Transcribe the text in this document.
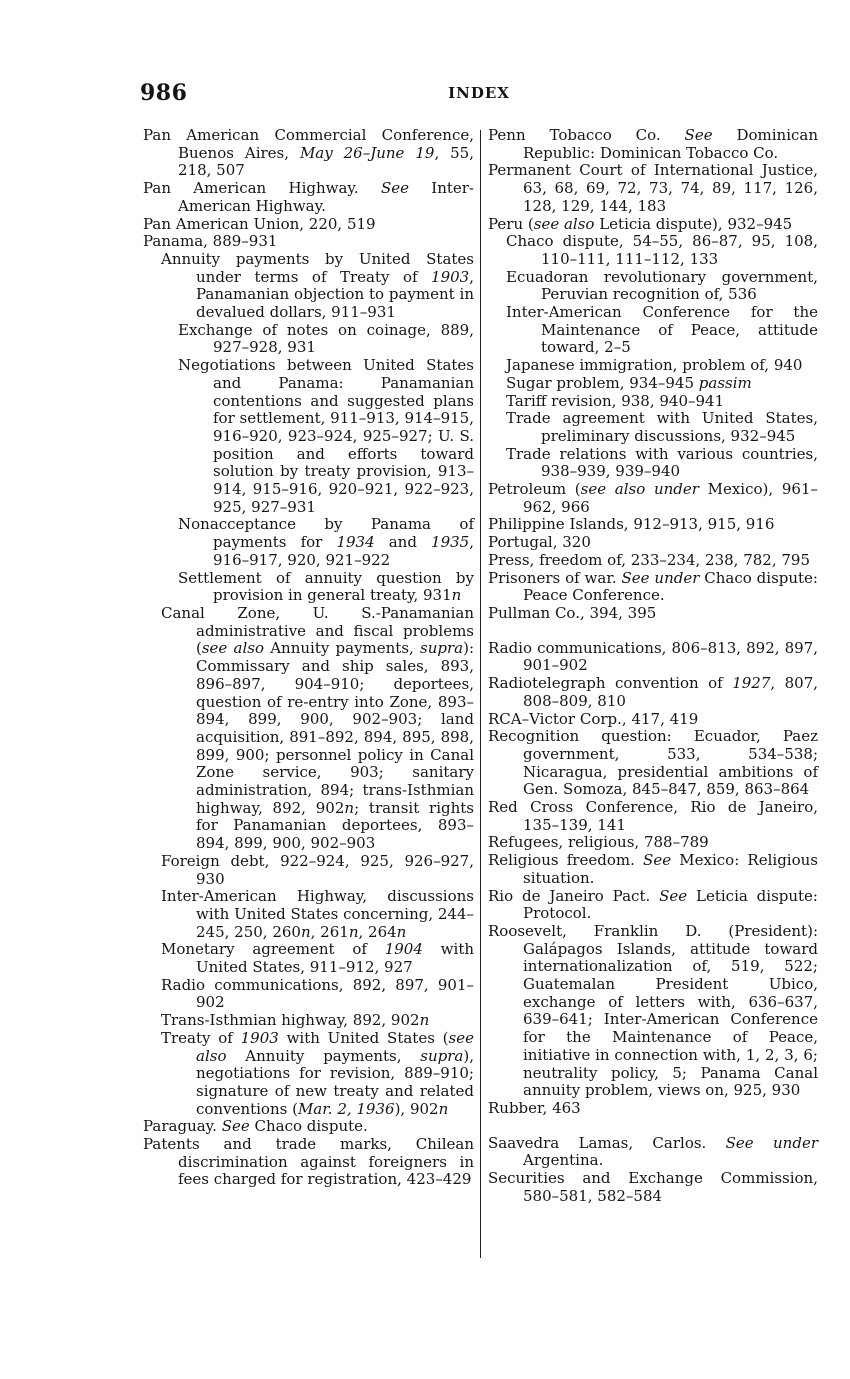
986	INDEX
Pan American Commercial Conference, Buenos Aires, May 26–June 19, 55, 218, 507
Pan American Highway. See Inter-American Highway.
Pan American Union, 220, 519
Panama, 889–931
Annuity payments by United States under terms of Treaty of 1903, Panamanian objection to payment in devalued dollars, 911–931
Exchange of notes on coinage, 889, 927–928, 931
Negotiations between United States and Panama: Panamanian contentions and suggested plans for settlement, 911–913, 914–915, 916–920, 923–924, 925–927; U. S. position and efforts toward solution by treaty provision, 913–914, 915–916, 920–921, 922–923, 925, 927–931
Nonacceptance by Panama of payments for 1934 and 1935, 916–917, 920, 921–922
Settlement of annuity question by provision in general treaty, 931n
Canal Zone, U. S.-Panamanian administrative and fiscal problems (see also Annuity payments, supra): Commissary and ship sales, 893, 896–897, 904–910; deportees, question of re-entry into Zone, 893–894, 899, 900, 902–903; land acquisition, 891–892, 894, 895, 898, 899, 900; personnel policy in Canal Zone service, 903; sanitary administration, 894; trans-Isthmian highway, 892, 902n; transit rights for Panamanian deportees, 893–894, 899, 900, 902–903
Foreign debt, 922–924, 925, 926–927, 930
Inter-American Highway, discussions with United States concerning, 244–245, 250, 260n, 261n, 264n
Monetary agreement of 1904 with United States, 911–912, 927
Radio communications, 892, 897, 901–902
Trans-Isthmian highway, 892, 902n
Treaty of 1903 with United States (see also Annuity payments, supra), negotiations for revision, 889–910; signature of new treaty and related conventions (Mar. 2, 1936), 902n
Paraguay. See Chaco dispute.
Patents and trade marks, Chilean discrimination against foreigners in fees charged for registration, 423–429
Penn Tobacco Co. See Dominican Republic: Dominican Tobacco Co.
Permanent Court of International Justice, 63, 68, 69, 72, 73, 74, 89, 117, 126, 128, 129, 144, 183
Peru (see also Leticia dispute), 932–945
Chaco dispute, 54–55, 86–87, 95, 108, 110–111, 111–112, 133
Ecuadoran revolutionary government, Peruvian recognition of, 536
Inter-American Conference for the Maintenance of Peace, attitude toward, 2–5
Japanese immigration, problem of, 940
Sugar problem, 934–945 passim
Tariff revision, 938, 940–941
Trade agreement with United States, preliminary discussions, 932–945
Trade relations with various countries, 938–939, 939–940
Petroleum (see also under Mexico), 961–962, 966
Philippine Islands, 912–913, 915, 916
Portugal, 320
Press, freedom of, 233–234, 238, 782, 795
Prisoners of war. See under Chaco dispute: Peace Conference.
Pullman Co., 394, 395
Radio communications, 806–813, 892, 897, 901–902
Radiotelegraph convention of 1927, 807, 808–809, 810
RCA–Victor Corp., 417, 419
Recognition question: Ecuador, Paez government, 533, 534–538; Nicaragua, presidential ambitions of Gen. Somoza, 845–847, 859, 863–864
Red Cross Conference, Rio de Janeiro, 135–139, 141
Refugees, religious, 788–789
Religious freedom. See Mexico: Religious situation.
Rio de Janeiro Pact. See Leticia dispute: Protocol.
Roosevelt, Franklin D. (President): Galápagos Islands, attitude toward internationalization of, 519, 522; Guatemalan President Ubico, exchange of letters with, 636–637, 639–641; Inter-American Conference for the Maintenance of Peace, initiative in connection with, 1, 2, 3, 6; neutrality policy, 5; Panama Canal annuity problem, views on, 925, 930
Rubber, 463
Saavedra Lamas, Carlos. See under Argentina.
Securities and Exchange Commission, 580–581, 582–584
